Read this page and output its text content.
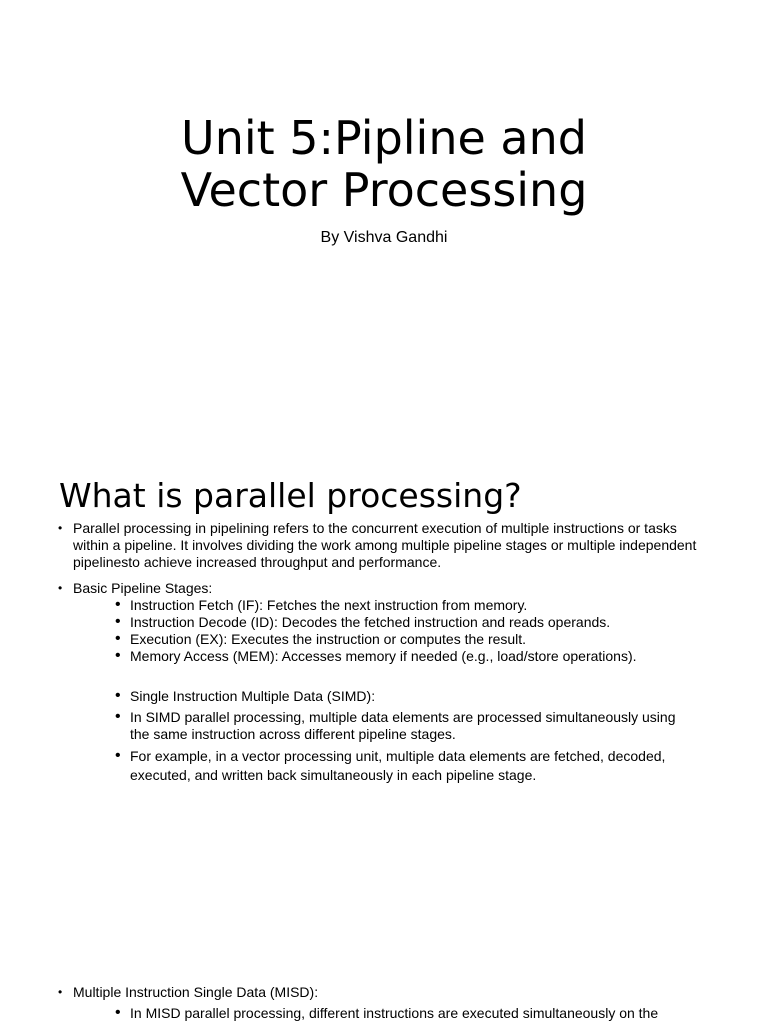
Unit 5:Pipline and
Vector Processing

By Vishva Gandhi

What is parallel processing?
• Parallel processing in pipelining refers to the concurrent execution of multiple instructions or tasks within a pipeline. It involves dividing the work among multiple pipeline stages or multiple independent pipelinesto achieve increased throughput and performance.
• Basic Pipeline Stages:
• Instruction Fetch (IF): Fetches the next instruction from memory.
• Instruction Decode (ID): Decodes the fetched instruction and reads operands.
• Execution (EX): Executes the instruction or computes the result.
• Memory Access (MEM): Accesses memory if needed (e.g., load/store operations).
• Single Instruction Multiple Data (SIMD):
• In SIMD parallel processing, multiple data elements are processed simultaneously using the same instruction across different pipeline stages.
• For example, in a vector processing unit, multiple data elements are fetched, decoded, executed, and written back simultaneously in each pipeline stage.
• Multiple Instruction Single Data (MISD):
• In MISD parallel processing, different instructions are executed simultaneously on the
